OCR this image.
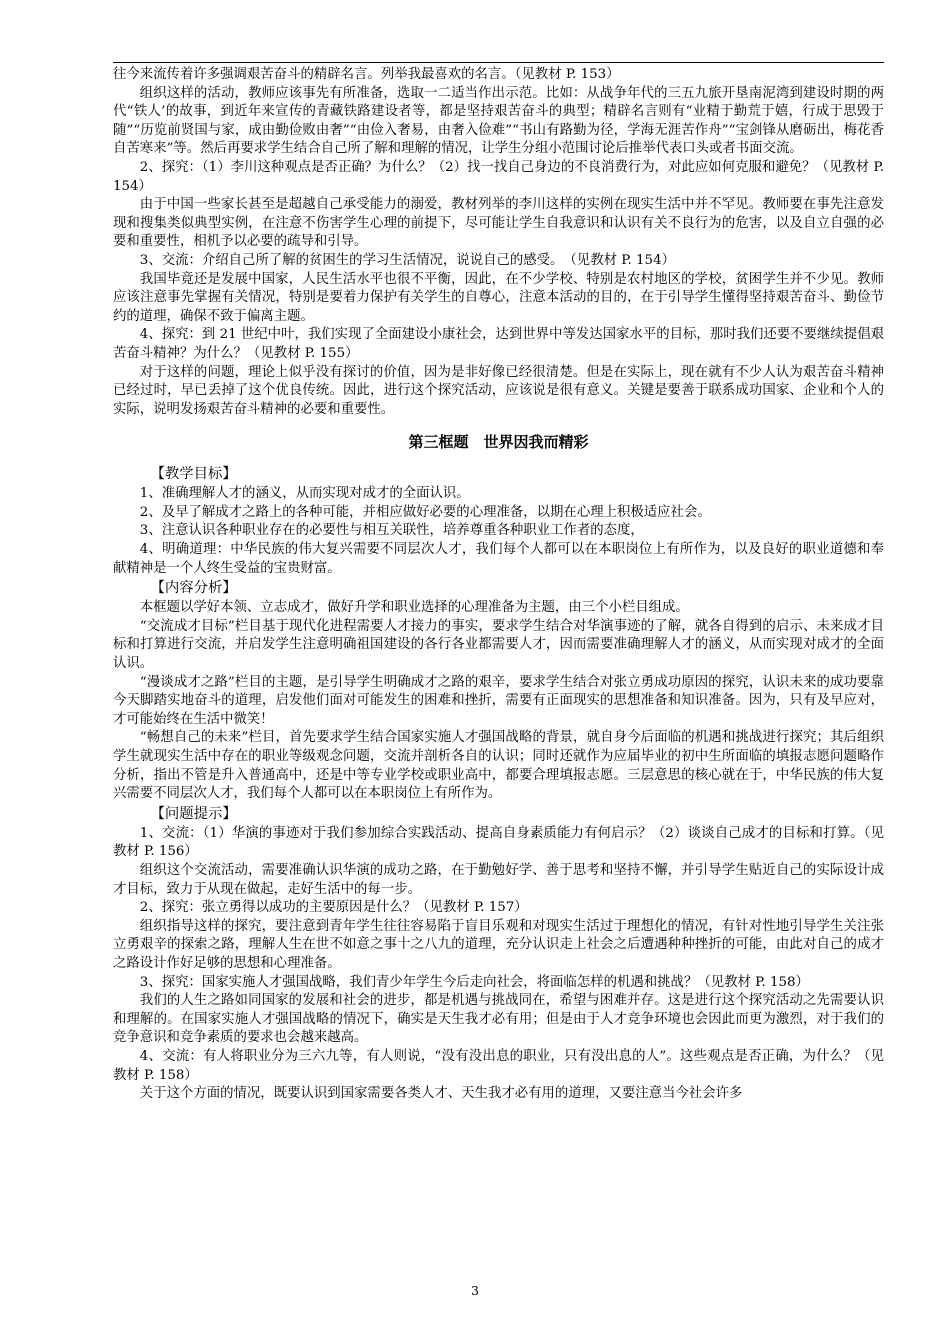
往今来流传着许多强调艰苦奋斗的精辟名言。列举我最喜欢的名言。（见教材 P. 153）

组织这样的活动，教师应该事先有所准备，选取一二适当作出示范。比如：从战争年代的三五九旅开垦南泥湾到建设时期的两代“铁人’的故事，到近年来宣传的青藏铁路建设者等，都是坚持艰苦奋斗的典型；精辟名言则有“业精于勤荒于嬉，行成于思毁于随”“历览前贤国与家，成由勤俭败由奢”“由俭入奢易，由奢入俭难”“书山有路勤为径，学海无涯苦作舟”“宝剑锋从磨砺出，梅花香自苦寒来”等。然后再要求学生结合自己所了解和理解的情况，让学生分组小范围讨论后推举代表口头或者书面交流。

2、探究：（1）李川这种观点是否正确？为什么？（2）找一找自己身边的不良消费行为，对此应如何克服和避免？（见教材 P. 154）

由于中国一些家长甚至是超越自己承受能力的溺爱，教材列举的李川这样的实例在现实生活中并不罕见。教师要在事先注意发现和搜集类似典型实例，在注意不伤害学生心理的前提下，尽可能让学生自我意识和认识有关不良行为的危害，以及自立自强的必要和重要性，相机予以必要的疏导和引导。

3、交流：介绍自己所了解的贫困生的学习生活情况，说说自己的感受。　（见教材 P. 154）

我国毕竟还是发展中国家，人民生活水平也很不平衡，因此，在不少学校、特别是农村地区的学校，贫困学生并不少见。教师应该注意事先掌握有关情况，特别是要着力保护有关学生的自尊心，注意本活动的目的，在于引导学生懂得坚持艰苦奋斗、勤俭节约的道理，确保不致于偏离主题。

4、探究：到 21 世纪中叶，我们实现了全面建设小康社会，达到世界中等发达国家水平的目标，那时我们还要不要继续提倡艰苦奋斗精神？为什么？（见教材 P. 155）

对于这样的问题，理论上似乎没有探讨的价值，因为是非好像已经很清楚。但是在实际上，现在就有不少人认为艰苦奋斗精神已经过时，早已丢掉了这个优良传统。因此，进行这个探究活动，应该说是很有意义。关键是要善于联系成功国家、企业和个人的实际，说明发扬艰苦奋斗精神的必要和重要性。

第三框题　世界因我而精彩

【教学目标】

1、准确理解人才的涵义，从而实现对成才的全面认识。

2、及早了解成才之路上的各种可能，并相应做好必要的心理准备，以期在心理上积极适应社会。

3、注意认识各种职业存在的必要性与相互关联性，培养尊重各种职业工作者的态度，

4、明确道理：中华民族的伟大复兴需要不同层次人才，我们每个人都可以在本职岗位上有所作为，以及良好的职业道德和奉献精神是一个人终生受益的宝贵财富。

【内容分析】

本框题以学好本领、立志成才，做好升学和职业选择的心理准备为主题，由三个小栏目组成。

“交流成才目标”栏目基于现代化进程需要人才接力的事实，要求学生结合对华演事迹的了解，就各自得到的启示、未来成才目标和打算进行交流，并启发学生注意明确祖国建设的各行各业都需要人才，因而需要准确理解人才的涵义，从而实现对成才的全面认识。

“漫谈成才之路”栏目的主题，是引导学生明确成才之路的艰辛，要求学生结合对张立勇成功原因的探究，认识未来的成功要靠今天脚踏实地奋斗的道理，启发他们面对可能发生的困难和挫折，需要有正面现实的思想准备和知识准备。因为，只有及早应对，才可能始终在生活中微笑！

“畅想自己的未来”栏目，首先要求学生结合国家实施人才强国战略的背景，就自身今后面临的机遇和挑战进行探究；其后组织学生就现实生活中存在的职业等级观念问题，交流并剖析各自的认识；同时还就作为应届毕业的初中生所面临的填报志愿问题略作分析，指出不管是升入普通高中，还是中等专业学校或职业高中，都要合理填报志愿。三层意思的核心就在于，中华民族的伟大复兴需要不同层次人才，我们每个人都可以在本职岗位上有所作为。

【问题提示】

1、交流：（1）华演的事迹对于我们参加综合实践活动、提高自身素质能力有何启示？（2）谈谈自己成才的目标和打算。（见教材 P. 156）

组织这个交流活动，需要准确认识华演的成功之路，在于勤勉好学、善于思考和坚持不懈，并引导学生贴近自己的实际设计成才目标，致力于从现在做起，走好生活中的每一步。

2、探究：张立勇得以成功的主要原因是什么？（见教材 P. 157）

组织指导这样的探究，要注意到青年学生往往容易陷于盲目乐观和对现实生活过于理想化的情况，有针对性地引导学生关注张立勇艰辛的探索之路，理解人生在世不如意之事十之八九的道理，充分认识走上社会之后遭遇种种挫折的可能，由此对自己的成才之路设计作好足够的思想和心理准备。

3、探究：国家实施人才强国战略，我们青少年学生今后走向社会，将面临怎样的机遇和挑战？（见教材 P. 158）

我们的人生之路如同国家的发展和社会的进步，都是机遇与挑战同在，希望与困难并存。这是进行这个探究活动之先需要认识和理解的。在国家实施人才强国战略的情况下，确实是天生我才必有用；但是由于人才竞争环境也会因此而更为激烈，对于我们的竞争意识和竞争素质的要求也会越来越高。

4、交流：有人将职业分为三六九等，有人则说，“没有没出息的职业，只有没出息的人”。这些观点是否正确，为什么？（见教材 P. 158）

关于这个方面的情况，既要认识到国家需要各类人才、天生我才必有用的道理，又要注意当今社会许多

3
